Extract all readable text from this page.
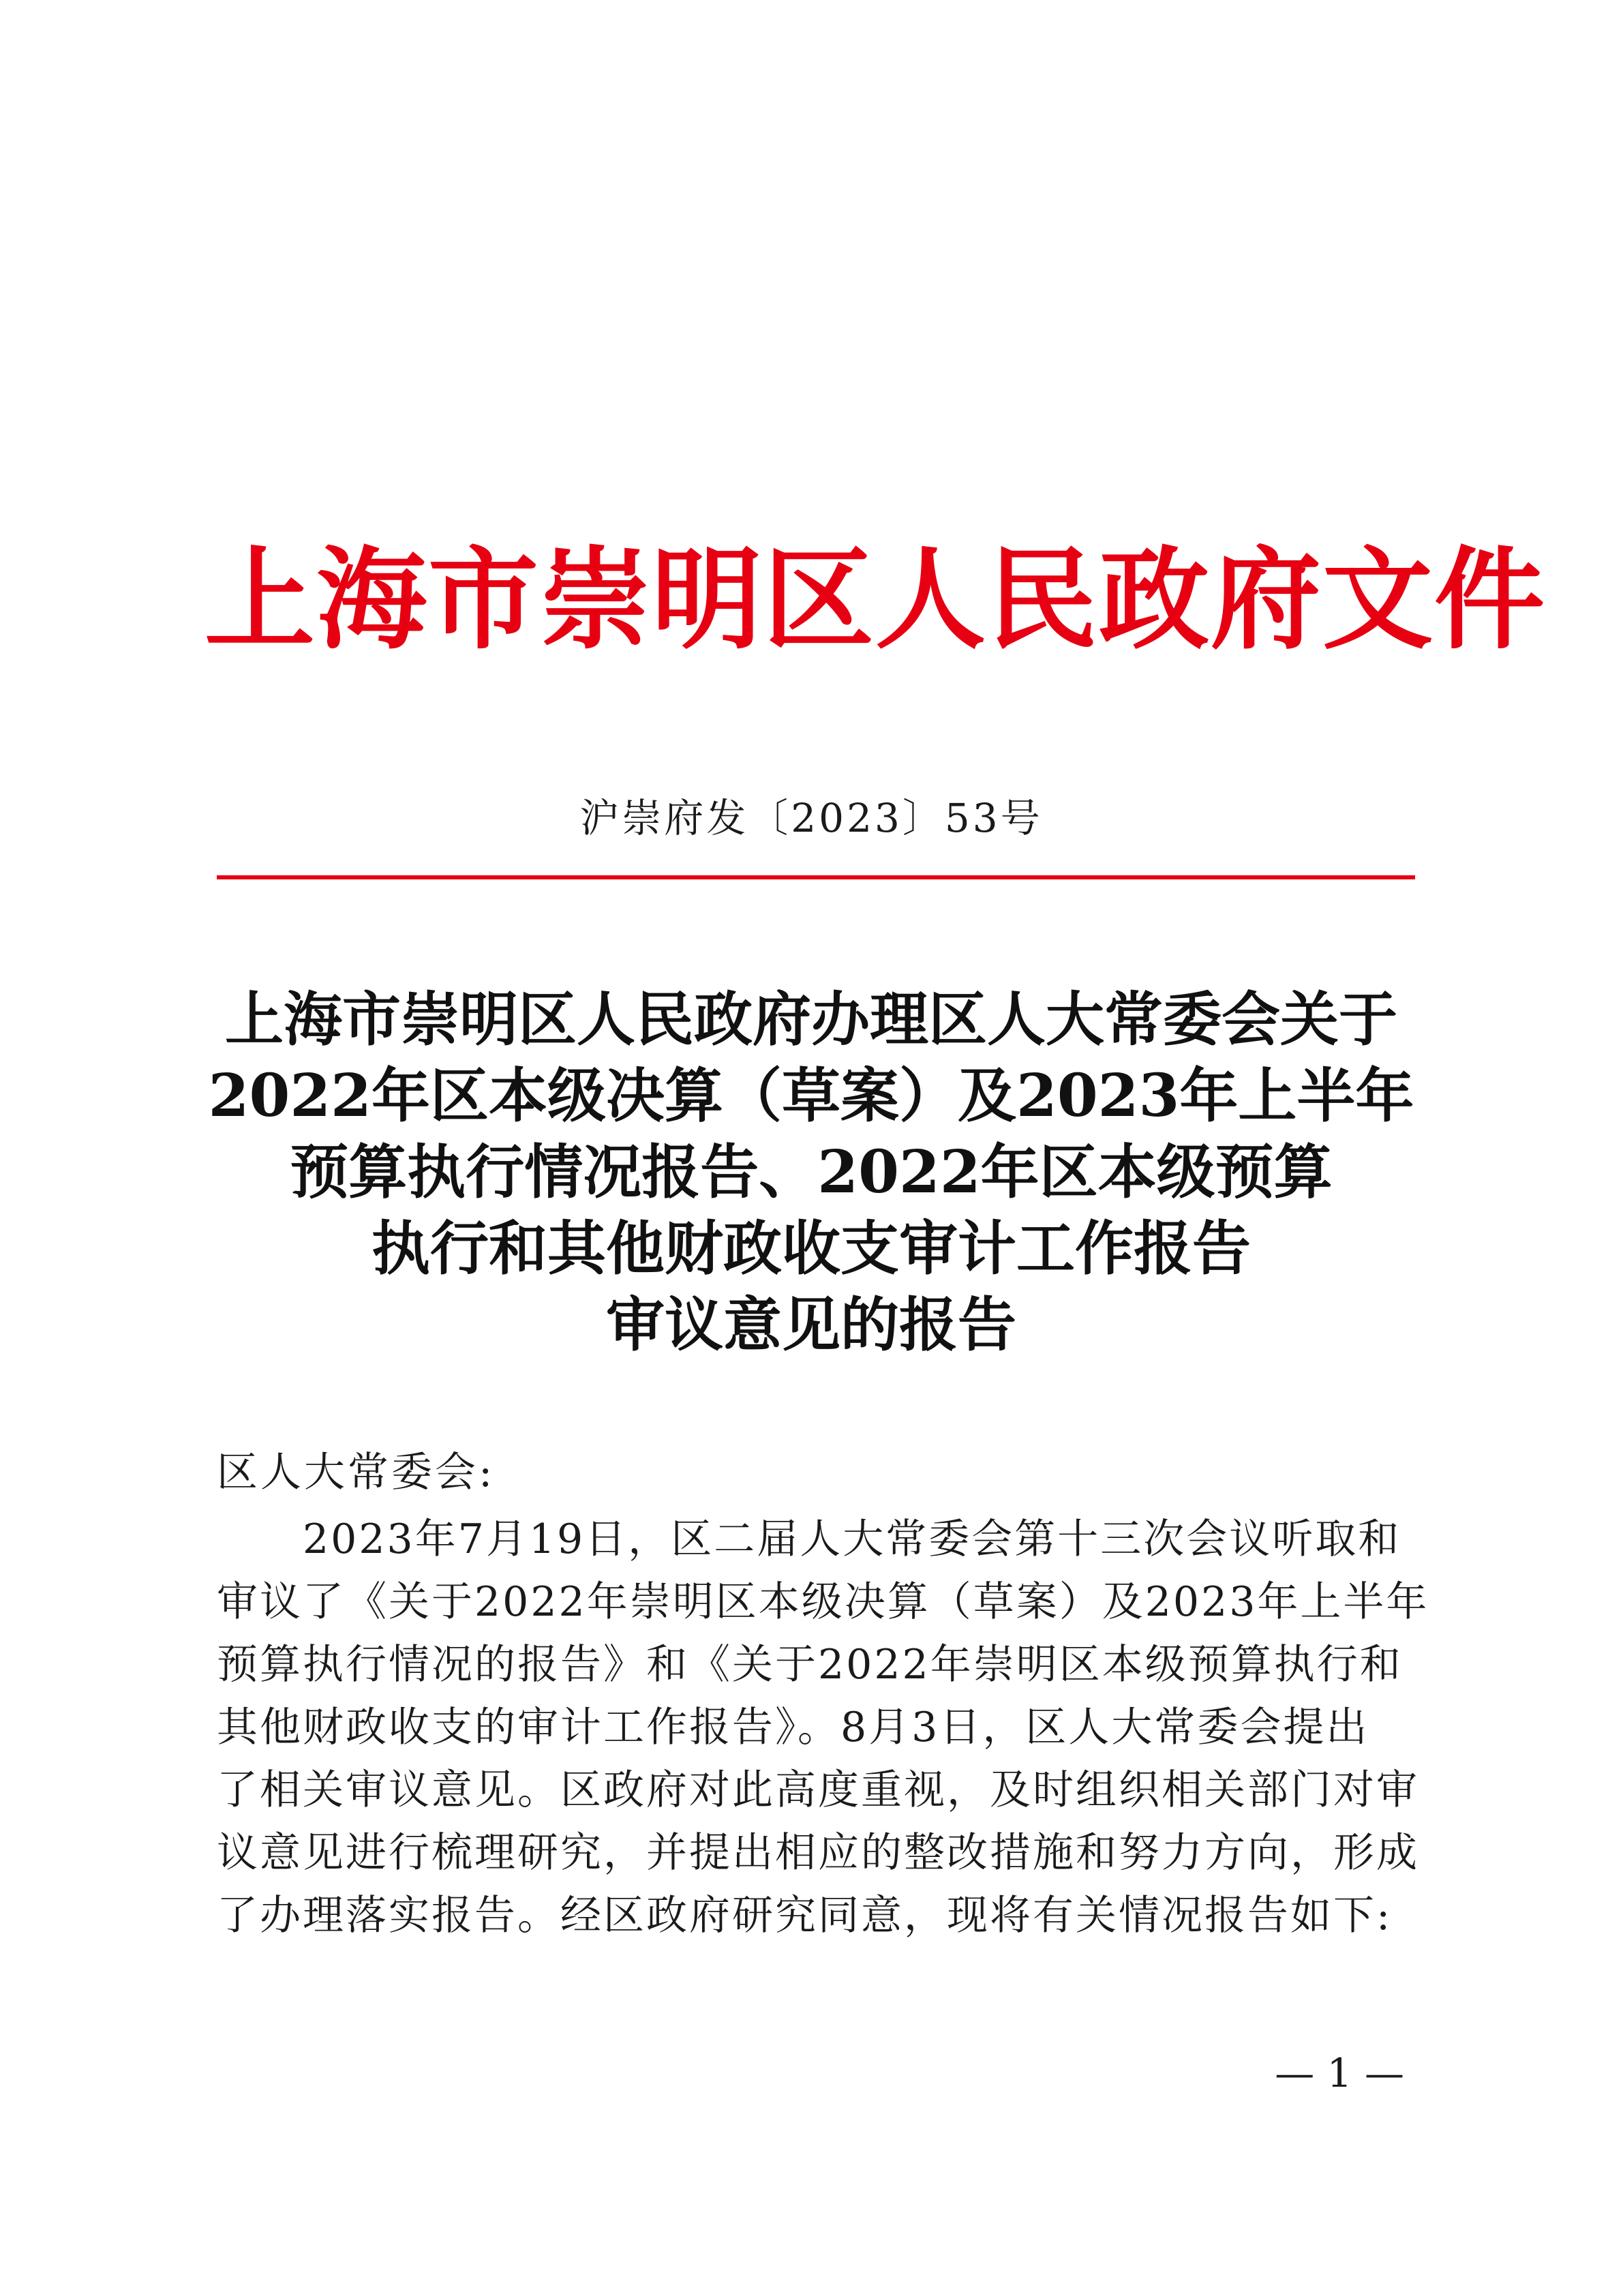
上海市崇明区人民政府文件
沪崇府发〔2023〕53号
上海市崇明区人民政府办理区人大常委会关于
2022年区本级决算（草案）及2023年上半年
预算执行情况报告、2022年区本级预算
执行和其他财政收支审计工作报告
审议意见的报告
区人大常委会:
　　2023年7月19日，区二届人大常委会第十三次会议听取和
审议了《关于2022年崇明区本级决算（草案）及2023年上半年
预算执行情况的报告》和《关于2022年崇明区本级预算执行和
其他财政收支的审计工作报告》。8月3日，区人大常委会提出
了相关审议意见。区政府对此高度重视，及时组织相关部门对审
议意见进行梳理研究，并提出相应的整改措施和努力方向，形成
了办理落实报告。经区政府研究同意，现将有关情况报告如下:
— 1 —
